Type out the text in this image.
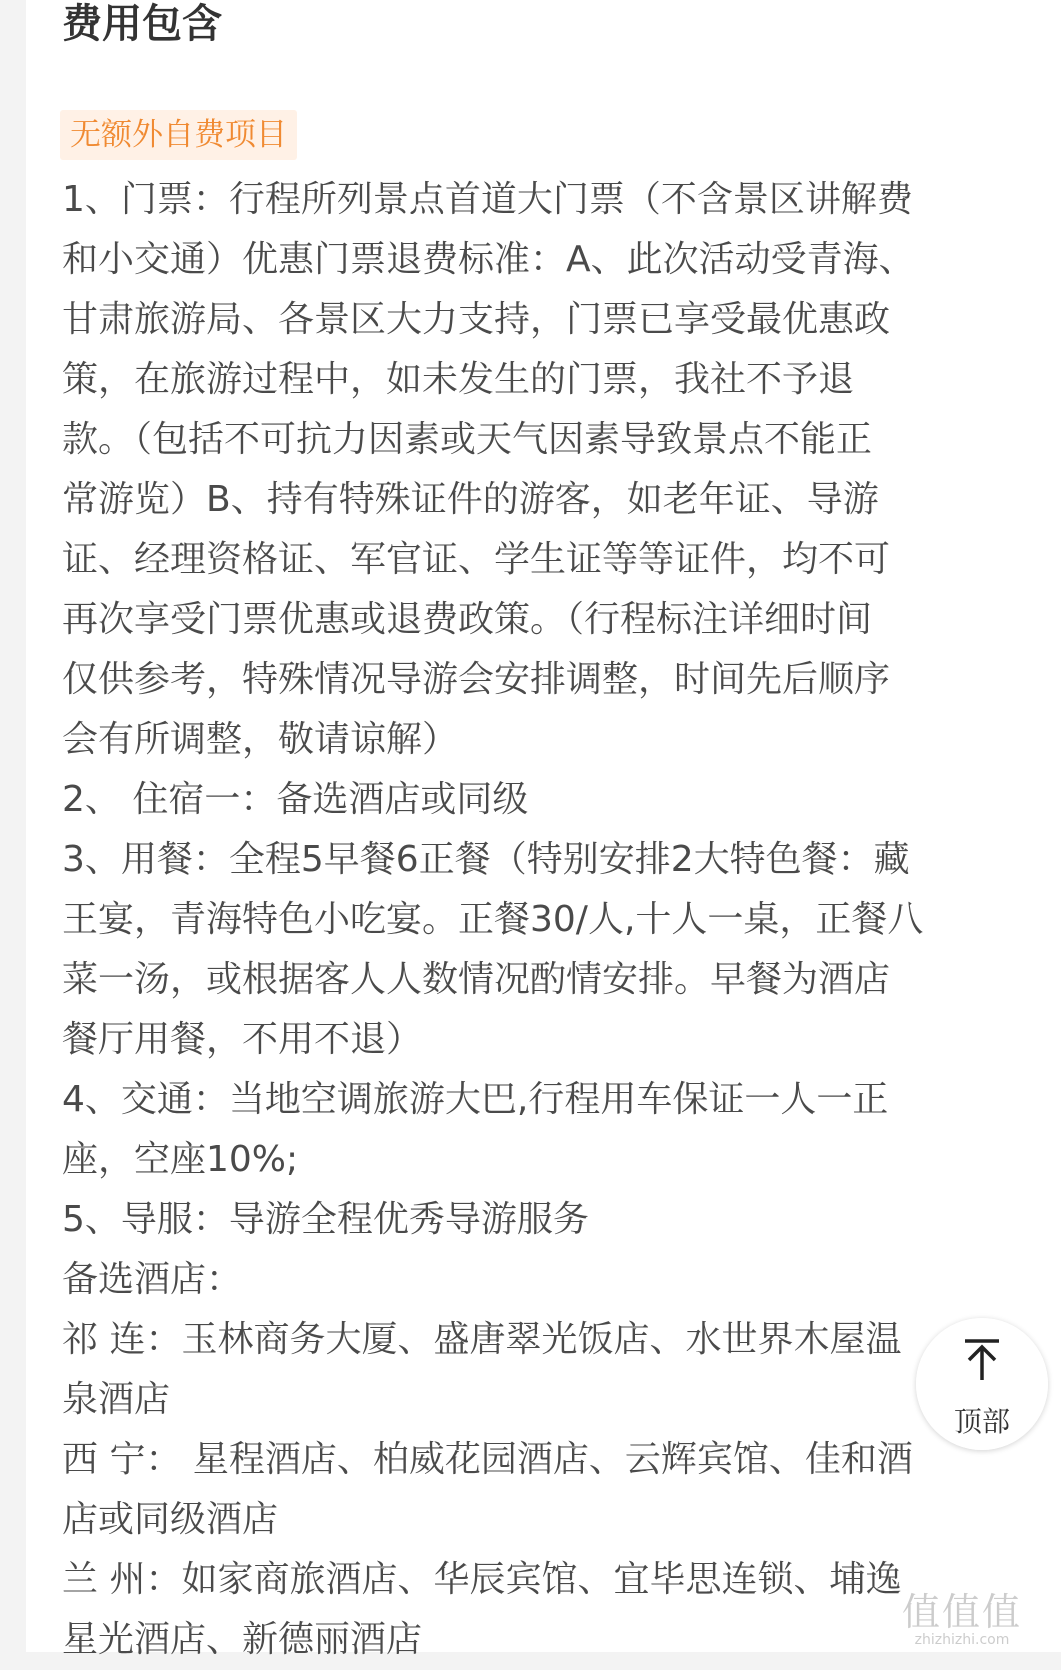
费用包含
无额外自费项目
1、门票：行程所列景点首道大门票（不含景区讲解费
和小交通）优惠门票退费标准：A、此次活动受青海、
甘肃旅游局、各景区大力支持，门票已享受最优惠政
策，在旅游过程中，如未发生的门票，我社不予退
款。（包括不可抗力因素或天气因素导致景点不能正
常游览）B、持有特殊证件的游客，如老年证、导游
证、经理资格证、军官证、学生证等等证件，均不可
再次享受门票优惠或退费政策。（行程标注详细时间
仅供参考，特殊情况导游会安排调整，时间先后顺序
会有所调整，敬请谅解）
2、 住宿一：备选酒店或同级
3、用餐：全程5早餐6正餐（特别安排2大特色餐：藏
王宴，青海特色小吃宴。正餐30/人,十人一桌，正餐八
菜一汤，或根据客人人数情况酌情安排。早餐为酒店
餐厅用餐，不用不退）
4、交通：当地空调旅游大巴,行程用车保证一人一正
座，空座10%;
5、导服：导游全程优秀导游服务
备选酒店：
祁 连：玉林商务大厦、盛唐翠光饭店、水世界木屋温
泉酒店
西 宁： 星程酒店、柏威花园酒店、云辉宾馆、佳和酒
店或同级酒店
兰 州：如家商旅酒店、华辰宾馆、宜毕思连锁、埔逸
星光酒店、新德丽酒店
顶部
值值值
zhizhizhi.com
